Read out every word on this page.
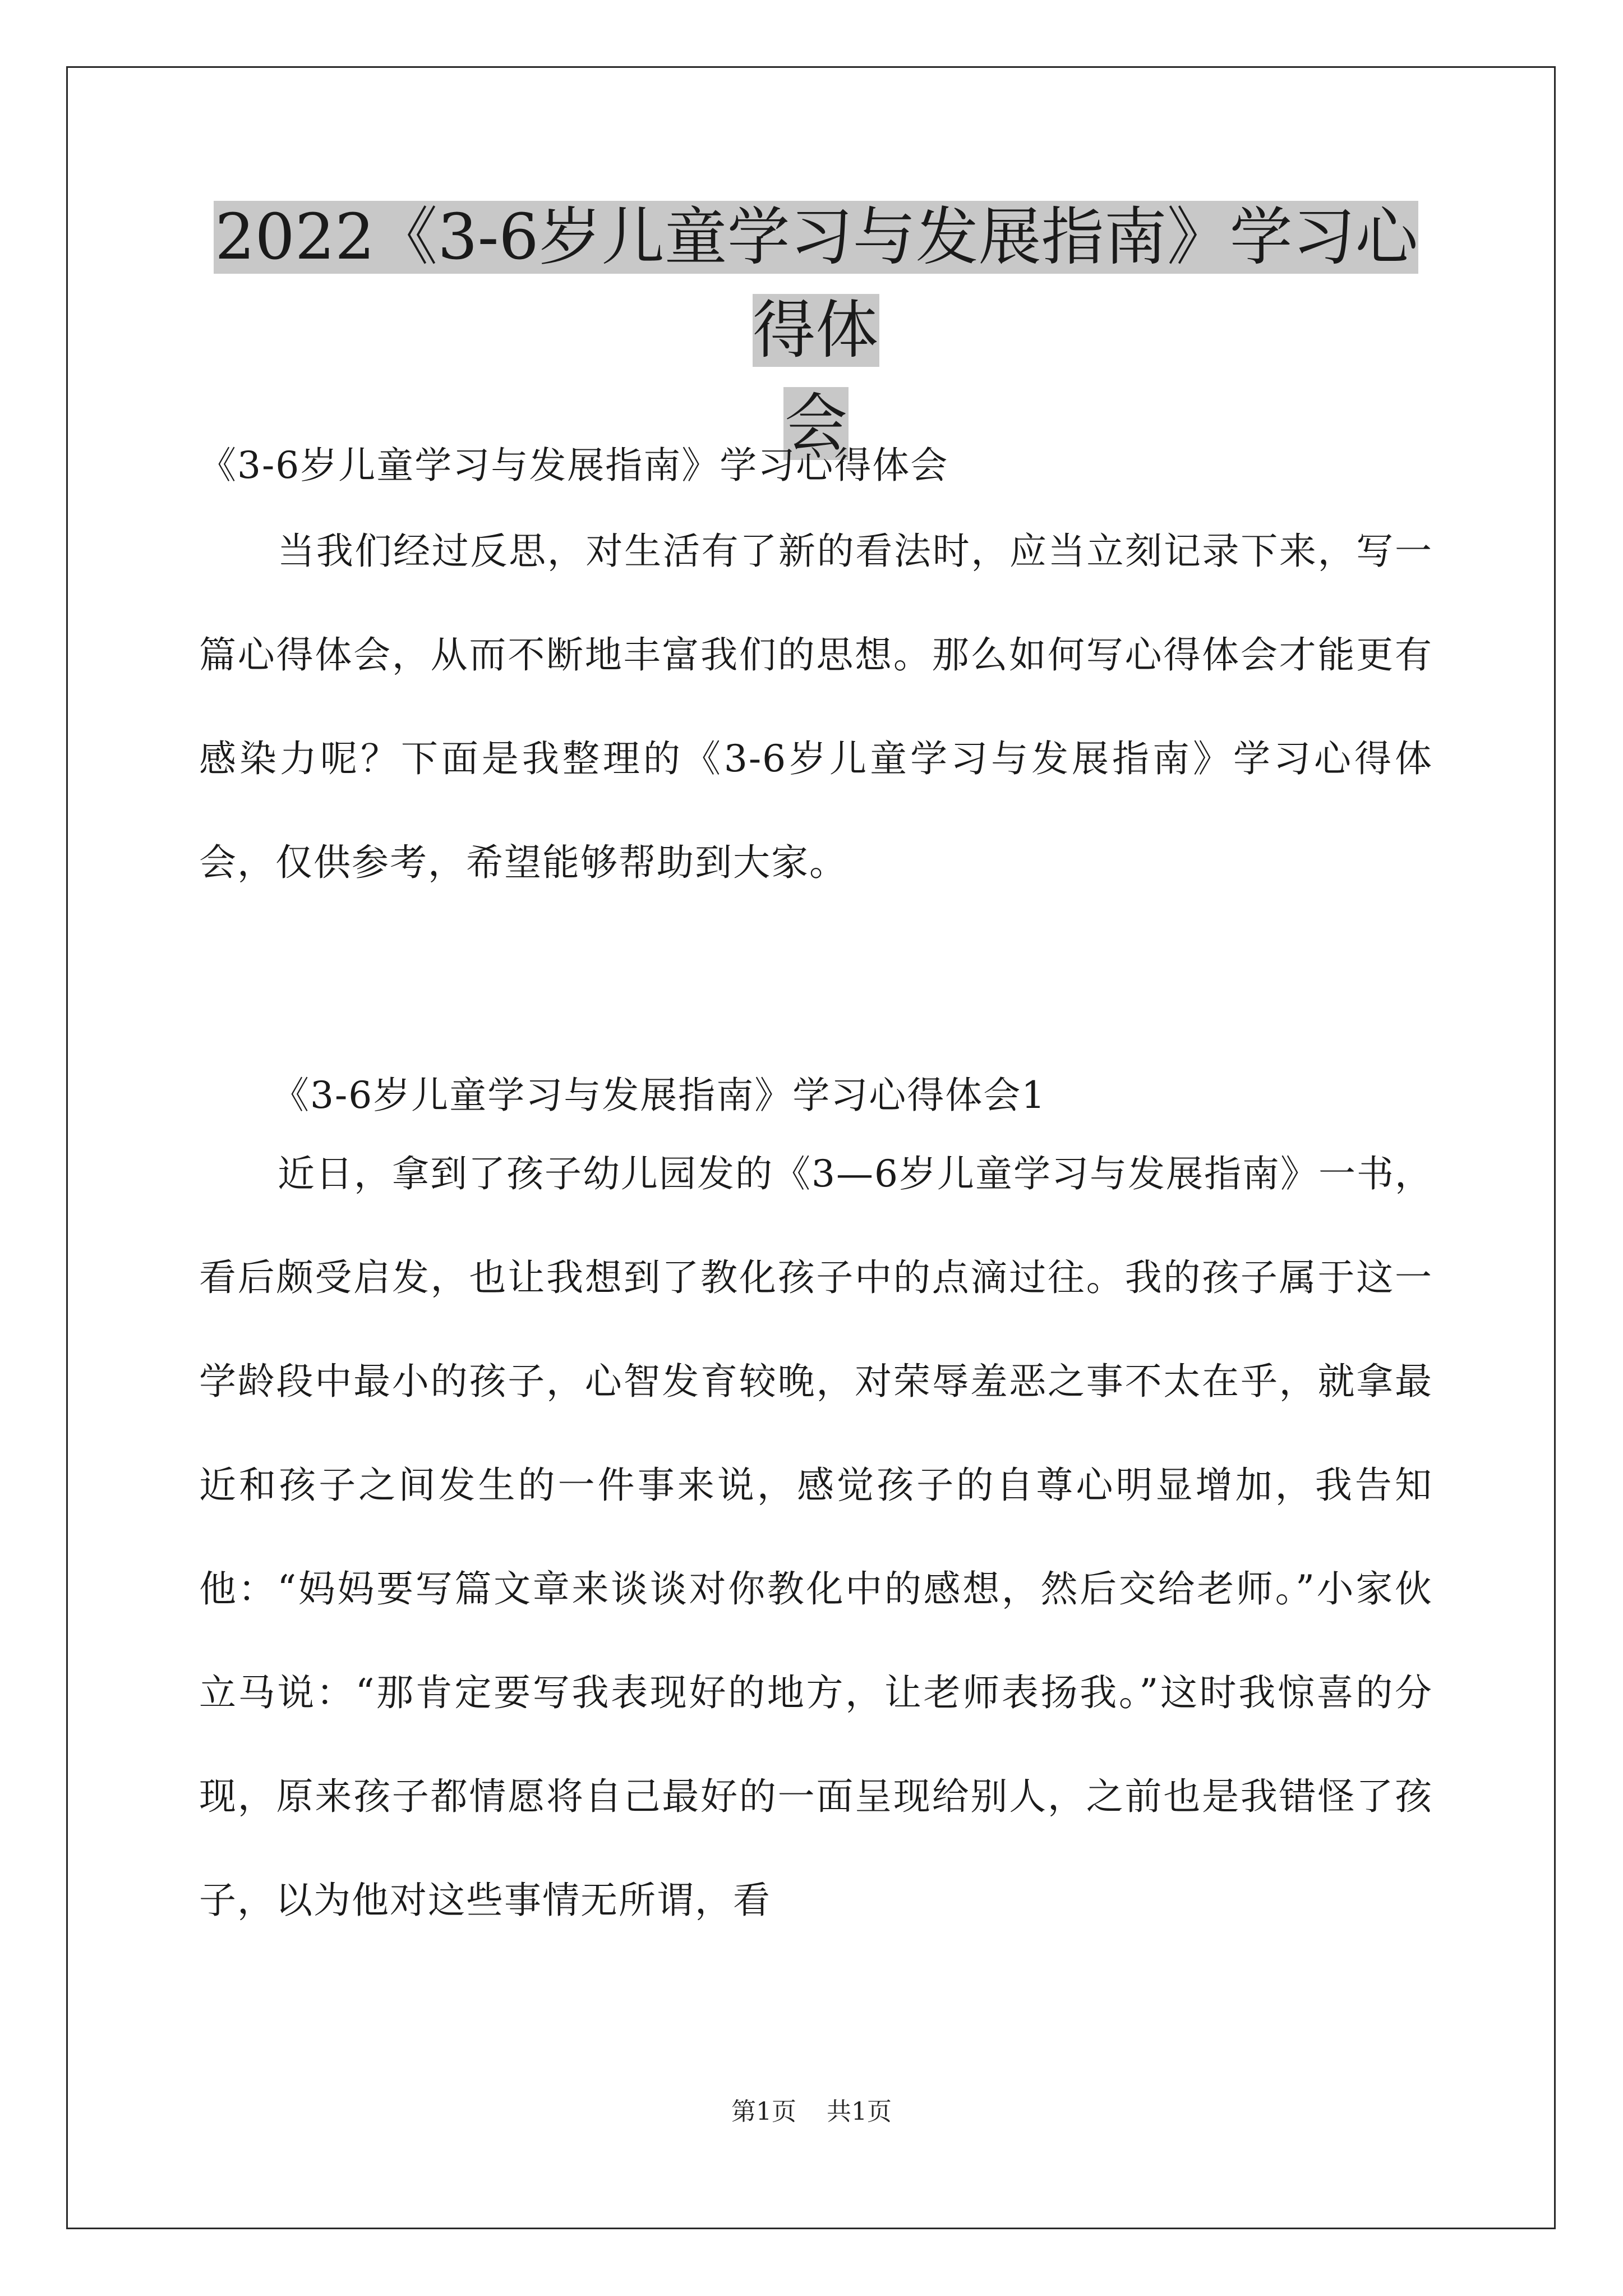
2022《3-6岁儿童学习与发展指南》学习心得体
会
《3-6岁儿童学习与发展指南》学习心得体会
当我们经过反思，对生活有了新的看法时，应当立刻记录下来，写一篇心得体会，从而不断地丰富我们的思想。那么如何写心得体会才能更有感染力呢？下面是我整理的《3-6岁儿童学习与发展指南》学习心得体会，仅供参考，希望能够帮助到大家。
《3-6岁儿童学习与发展指南》学习心得体会1
近日，拿到了孩子幼儿园发的《3—6岁儿童学习与发展指南》一书，看后颇受启发，也让我想到了教化孩子中的点滴过往。我的孩子属于这一学龄段中最小的孩子，心智发育较晚，对荣辱羞恶之事不太在乎，就拿最近和孩子之间发生的一件事来说，感觉孩子的自尊心明显增加，我告知他：“妈妈要写篇文章来谈谈对你教化中的感想，然后交给老师。”小家伙立马说：“那肯定要写我表现好的地方，让老师表扬我。”这时我惊喜的分现，原来孩子都情愿将自己最好的一面呈现给别人，之前也是我错怪了孩子，以为他对这些事情无所谓，看
第1页 共1页
